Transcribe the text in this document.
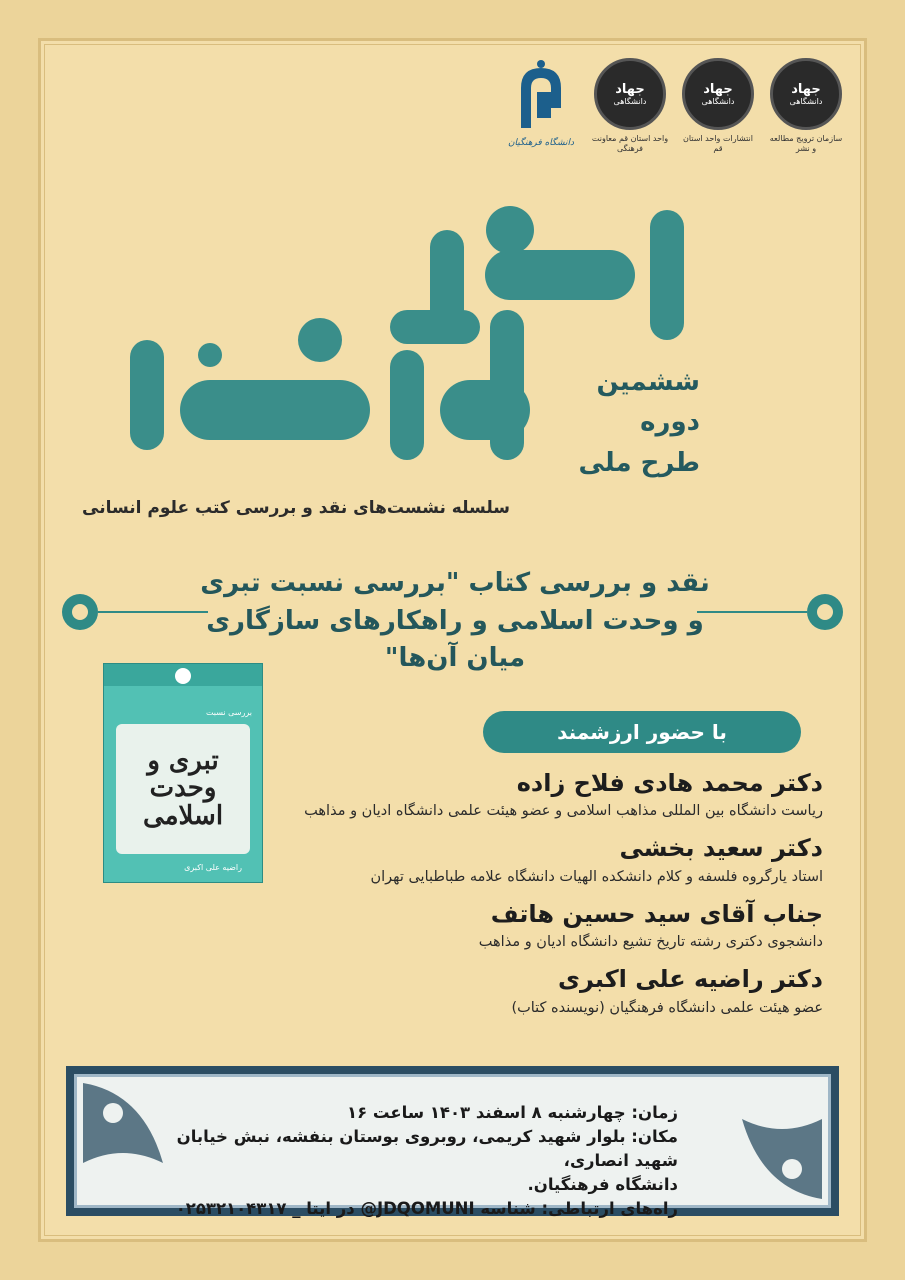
جهاد
دانشگاهی
سازمان ترویج مطالعه و نشر
جهاد
دانشگاهی
انتشارات واحد استان قم
جهاد
دانشگاهی
واحد استان قم معاونت فرهنگی
دانشگاه فرهنگیان
ششمین
دوره
طرح ملی
سلسله نشست‌های نقد و بررسی کتب علوم انسانی
نقد و بررسی کتاب "بررسی نسبت تبری
و وحدت اسلامی و راهکارهای سازگاری
میان آن‌ها"
بررسی نسبت
تبری و
وحدت
اسلامی
راضیه علی اکبری
با حضور ارزشمند

دکتر محمد هادی فلاح زاده

ریاست دانشگاه بین المللی مذاهب اسلامی و عضو هیئت علمی دانشگاه ادیان و مذاهب

دکتر سعید بخشی

استاد یارگروه فلسفه و کلام دانشکده الهیات دانشگاه علامه طباطبایی تهران

جناب آقای سید حسین هاتف

دانشجوی دکتری رشته تاریخ تشیع دانشگاه ادیان و مذاهب

دکتر راضیه علی اکبری

عضو هیئت علمی دانشگاه فرهنگیان (نویسنده کتاب)

زمان: چهارشنبه ۸ اسفند ۱۴۰۳ ساعت ۱۶
مکان: بلوار شهید کریمی، روبروی بوستان بنفشه، نبش خیابان شهید انصاری،
دانشگاه فرهنگیان.
راه‌های ارتباطی: شناسه JDQOMUNI@ در ایتا _ ۰۲۵۳۲۱۰۴۳۱۷
